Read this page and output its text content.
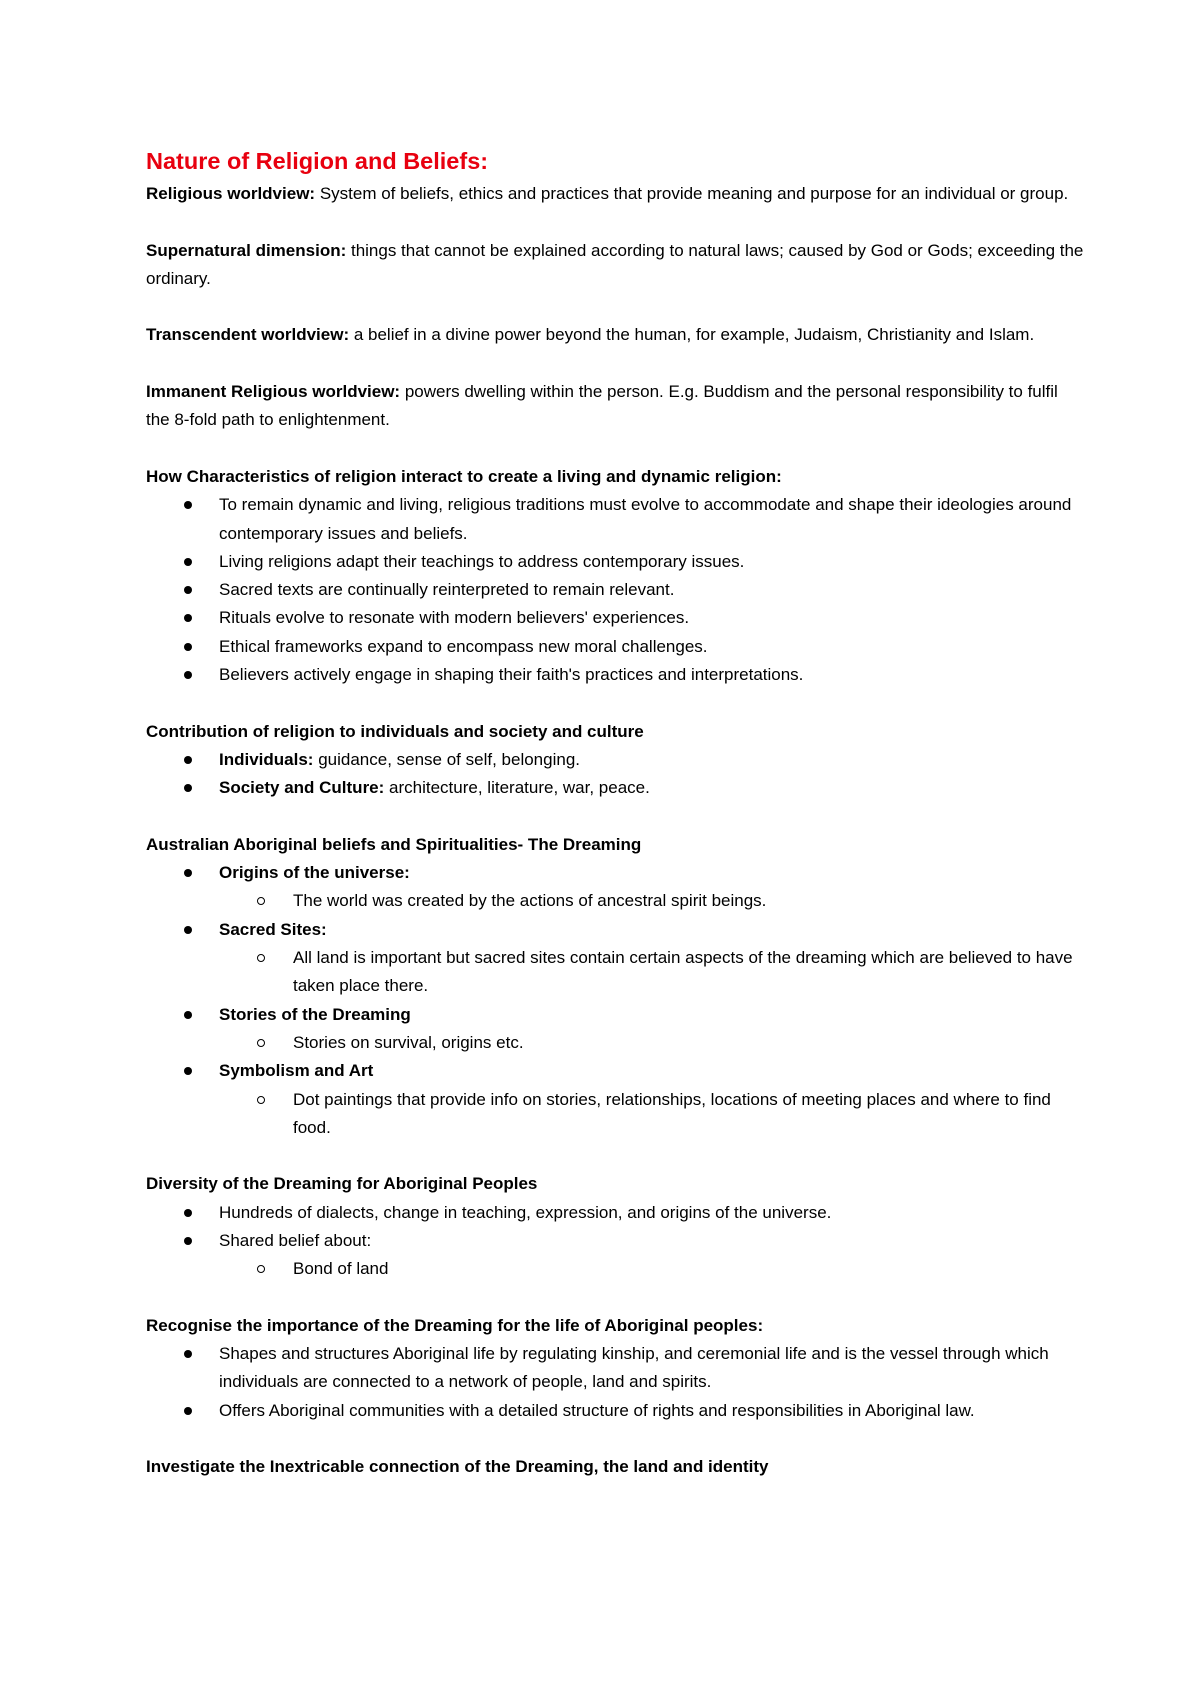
Nature of Religion and Beliefs:

Religious worldview: System of beliefs, ethics and practices that provide meaning and purpose for an individual or group.

Supernatural dimension: things that cannot be explained according to natural laws; caused by God or Gods; exceeding the ordinary.

Transcendent worldview: a belief in a divine power beyond the human, for example, Judaism, Christianity and Islam.

Immanent Religious worldview: powers dwelling within the person. E.g. Buddism and the personal responsibility to fulfil the 8-fold path to enlightenment.

How Characteristics of religion interact to create a living and dynamic religion:

To remain dynamic and living, religious traditions must evolve to accommodate and shape their ideologies around contemporary issues and beliefs.
Living religions adapt their teachings to address contemporary issues.
Sacred texts are continually reinterpreted to remain relevant.
Rituals evolve to resonate with modern believers' experiences.
Ethical frameworks expand to encompass new moral challenges.
Believers actively engage in shaping their faith's practices and interpretations.

Contribution of religion to individuals and society and culture

Individuals: guidance, sense of self, belonging.
Society and Culture: architecture, literature, war, peace.

Australian Aboriginal beliefs and Spiritualities- The Dreaming

Origins of the universe:
The world was created by the actions of ancestral spirit beings.
Sacred Sites:
All land is important but sacred sites contain certain aspects of the dreaming which are believed to have taken place there.
Stories of the Dreaming
Stories on survival, origins etc.
Symbolism and Art
Dot paintings that provide info on stories, relationships, locations of meeting places and where to find food.

Diversity of the Dreaming for Aboriginal Peoples

Hundreds of dialects, change in teaching, expression, and origins of the universe.
Shared belief about:
Bond of land

Recognise the importance of the Dreaming for the life of Aboriginal peoples:

Shapes and structures Aboriginal life by regulating kinship, and ceremonial life and is the vessel through which individuals are connected to a network of people, land and spirits.
Offers Aboriginal communities with a detailed structure of rights and responsibilities in Aboriginal law.

Investigate the Inextricable connection of the Dreaming, the land and identity
